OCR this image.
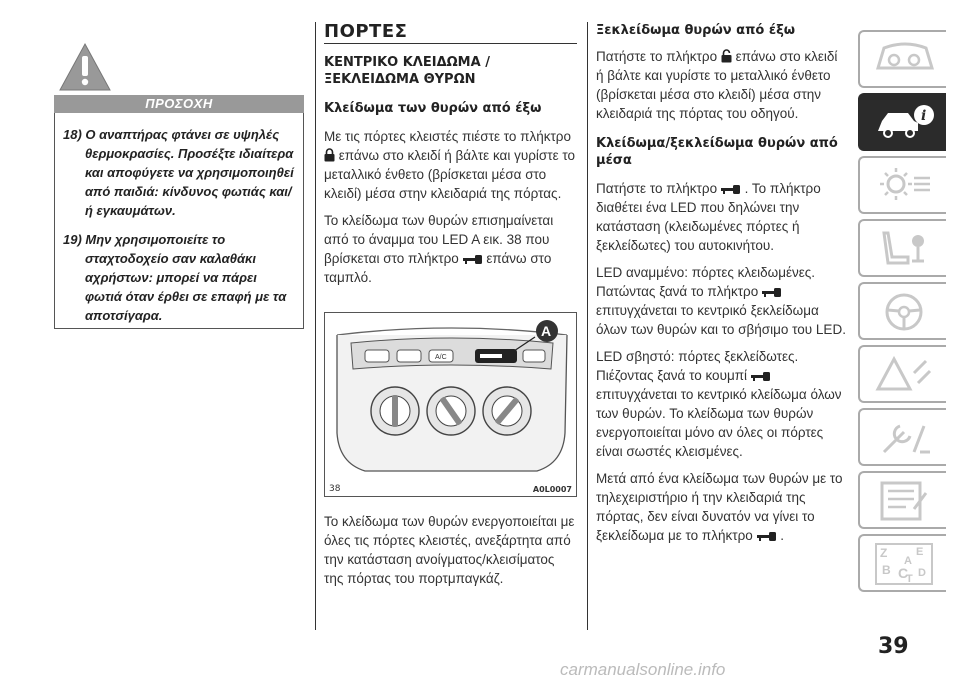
ΠΡΟΣΟΧΗ
18) Ο αναπτήρας φτάνει σε υψηλές θερμοκρασίες. Προσέξτε ιδιαίτερα και αποφύγετε να χρησιμοποιηθεί από παιδιά: κίνδυνος φωτιάς και/ή εγκαυμάτων.
19) Μην χρησιμοποιείτε το σταχτοδοχείο σαν καλαθάκι αχρήστων: μπορεί να πάρει φωτιά όταν έρθει σε επαφή με τα αποτσίγαρα.
ΠΟΡΤΕΣ
ΚΕΝΤΡΙΚΟ ΚΛΕΙΔΩΜΑ /
ΞΕΚΛΕΙΔΩΜΑ ΘΥΡΩΝ
Κλείδωμα των θυρών από έξω
Με τις πόρτες κλειστές πιέστε το πλήκτρο  επάνω στο κλειδί ή βάλτε και γυρίστε το μεταλλικό ένθετο (βρίσκεται μέσα στο κλειδί) μέσα στην κλειδαριά της πόρτας.
Το κλείδωμα των θυρών επισημαίνεται από το άναμμα του LED A εικ. 38 που βρίσκεται στο πλήκτρο επάνω στο ταμπλό.
A/C
A
38	A0L0007
Το κλείδωμα των θυρών ενεργοποιείται με όλες τις πόρτες κλειστές, ανεξάρτητα από την κατάσταση ανοίγματος/κλεισίματος της πόρτας του πορτμπαγκάζ.
Ξεκλείδωμα θυρών από έξω
Πατήστε το πλήκτρο επάνω στο κλειδί ή βάλτε και γυρίστε το μεταλλικό ένθετο (βρίσκεται μέσα στο κλειδί) μέσα στην κλειδαριά της πόρτας του οδηγού.
Κλείδωμα/ξεκλείδωμα θυρών από μέσα
Πατήστε το πλήκτρο . Το πλήκτρο διαθέτει ένα LED που δηλώνει την κατάσταση (κλειδωμένες πόρτες ή ξεκλείδωτες) του αυτοκινήτου.
LED αναμμένο: πόρτες κλειδωμένες. Πατώντας ξανά το πλήκτρο  επιτυγχάνεται το κεντρικό ξεκλείδωμα όλων των θυρών και το σβήσιμο του LED.
LED σβηστό: πόρτες ξεκλείδωτες. Πιέζοντας ξανά το κουμπί  επιτυγχάνεται το κεντρικό κλείδωμα όλων των θυρών. Το κλείδωμα των θυρών ενεργοποιείται μόνο αν όλες οι πόρτες είναι σωστές κλεισμένες.
Μετά από ένα κλείδωμα των θυρών με το τηλεχειριστήριο ή την κλειδαριά της πόρτας, δεν είναι δυνατόν να γίνει το ξεκλείδωμα με το πλήκτρο .
i
Z	E
B C
T D
A
39
carmanualsonline.info
